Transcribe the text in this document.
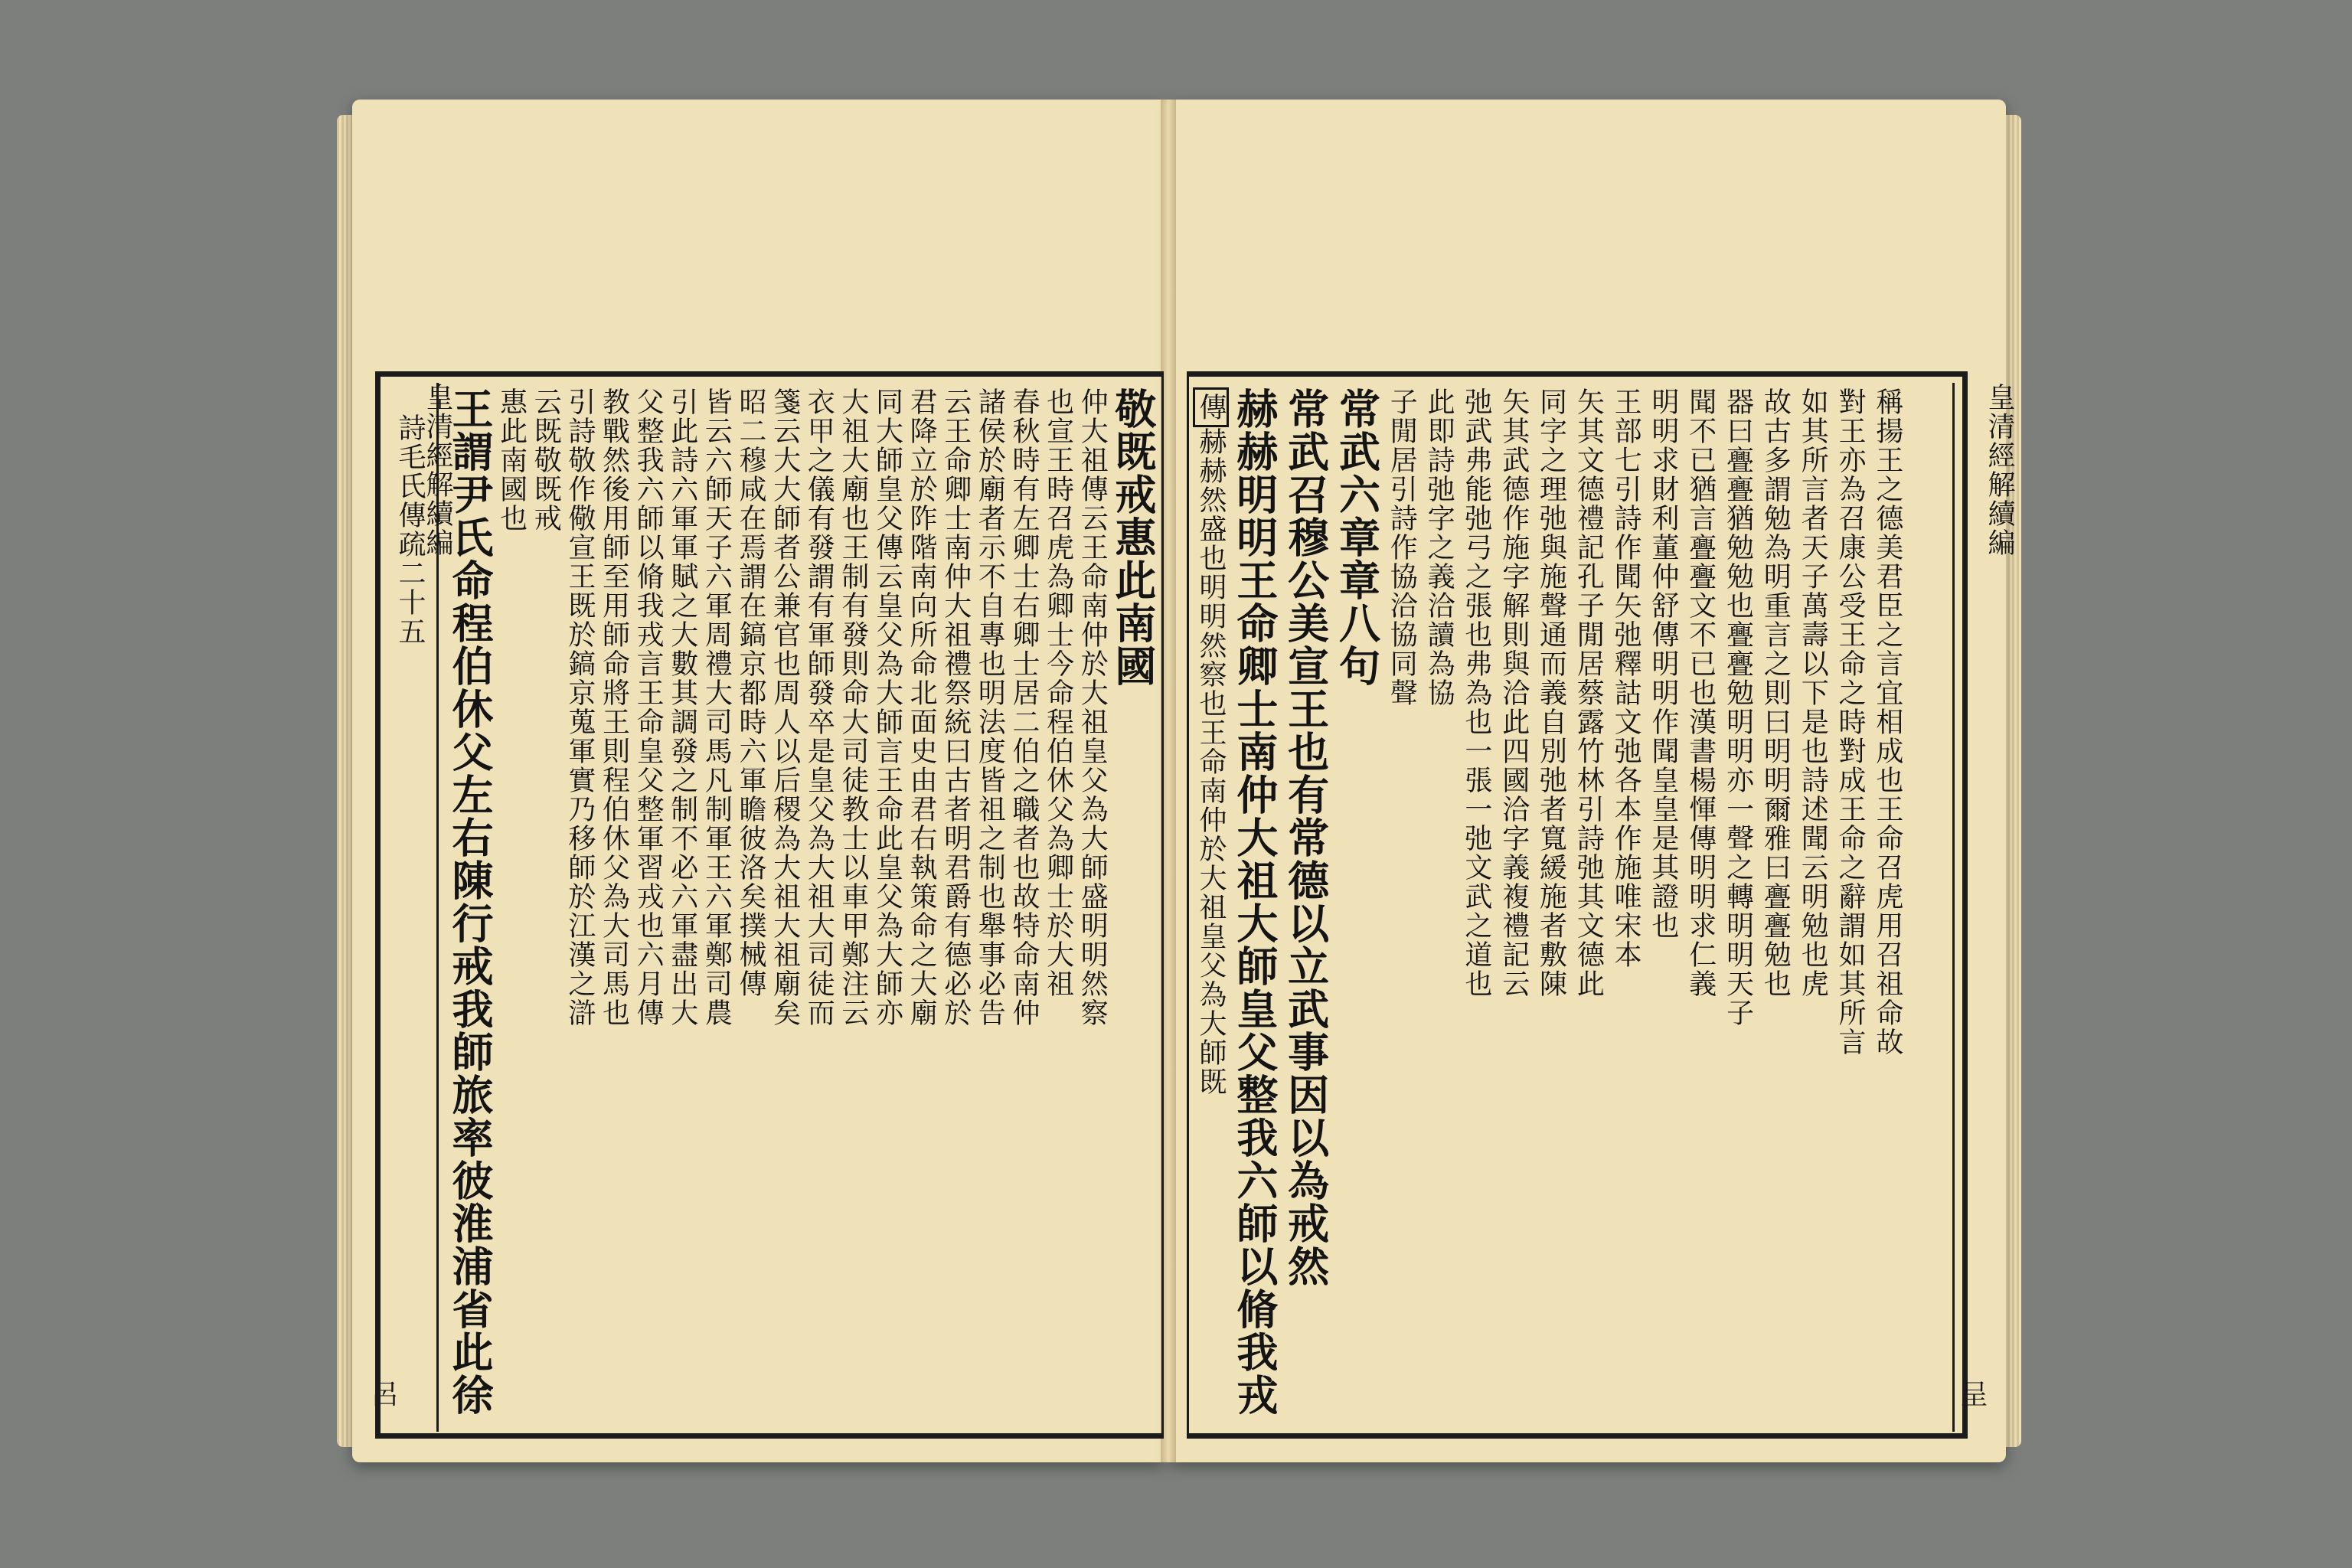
皇清經解續編
詩毛氏傳疏二十五
呂
敬既戒惠此南國
仲大祖傳云王命南仲於大祖皇父為大師盛明明然察
也宣王時召虎為卿士今命程伯休父為卿士於大祖
春秋時有左卿士右卿士居二伯之職者也故特命南仲
諸侯於廟者示不自專也明法度皆祖之制也舉事必告
云王命卿士南仲大祖禮祭統曰古者明君爵有德必於
君降立於阼階南向所命北面史由君右執策命之大廟
同大師皇父傳云皇父為大師言王命此皇父為大師亦
大祖大廟也王制有發則命大司徒教士以車甲鄭注云
衣甲之儀有發謂有軍師發卒是皇父為大祖大司徒而
箋云大大師者公兼官也周人以后稷為大祖大祖廟矣
昭二穆咸在焉謂在鎬京都時六軍瞻彼洛矣撲械傳
皆云六師天子六軍周禮大司馬凡制軍王六軍鄭司農
引此詩六軍軍賦之大數其調發之制不必六軍盡出大
父整我六師以脩我戎言王命皇父整軍習戎也六月傳
教戰然後用師至用師命將王則程伯休父為大司馬也
引詩敬作儆宣王既於鎬京蒐軍實乃移師於江漢之滸
云既敬既戒
惠此南國也
王謂尹氏命程伯休父左右陳行戒我師旅率彼淮浦省此徐	稱揚王之德美君臣之言宜相成也王命召虎用召祖命故
對王亦為召康公受王命之時對成王命之辭謂如其所言
如其所言者天子萬壽以下是也詩述聞云明勉也虎
故古多謂勉為明重言之則曰明明爾雅曰亹亹勉也
器曰亹亹猶勉勉也亹亹勉明明亦一聲之轉明明天子
聞不已猶言亹亹文不已也漢書楊惲傳明明求仁義
明明求財利董仲舒傳明明作聞皇皇是其證也
王部七引詩作聞矢弛釋詁文弛各本作施唯宋本
矢其文德禮記孔子閒居蔡露竹林引詩弛其文德此
同字之理弛與施聲通而義自別弛者寬緩施者敷陳
矢其武德作施字解則與洽此四國洽字義複禮記云
弛武弗能弛弓之張也弗為也一張一弛文武之道也
此即詩弛字之義洽讀為協
子閒居引詩作協洽協同聲
常武六章章八句
常武召穆公美宣王也有常德以立武事因以為戒然
赫赫明明王命卿士南仲大祖大師皇父整我六師以脩我戎
傳赫赫然盛也明明然察也王命南仲於大祖皇父為大師既	皇清經解續編
呈
